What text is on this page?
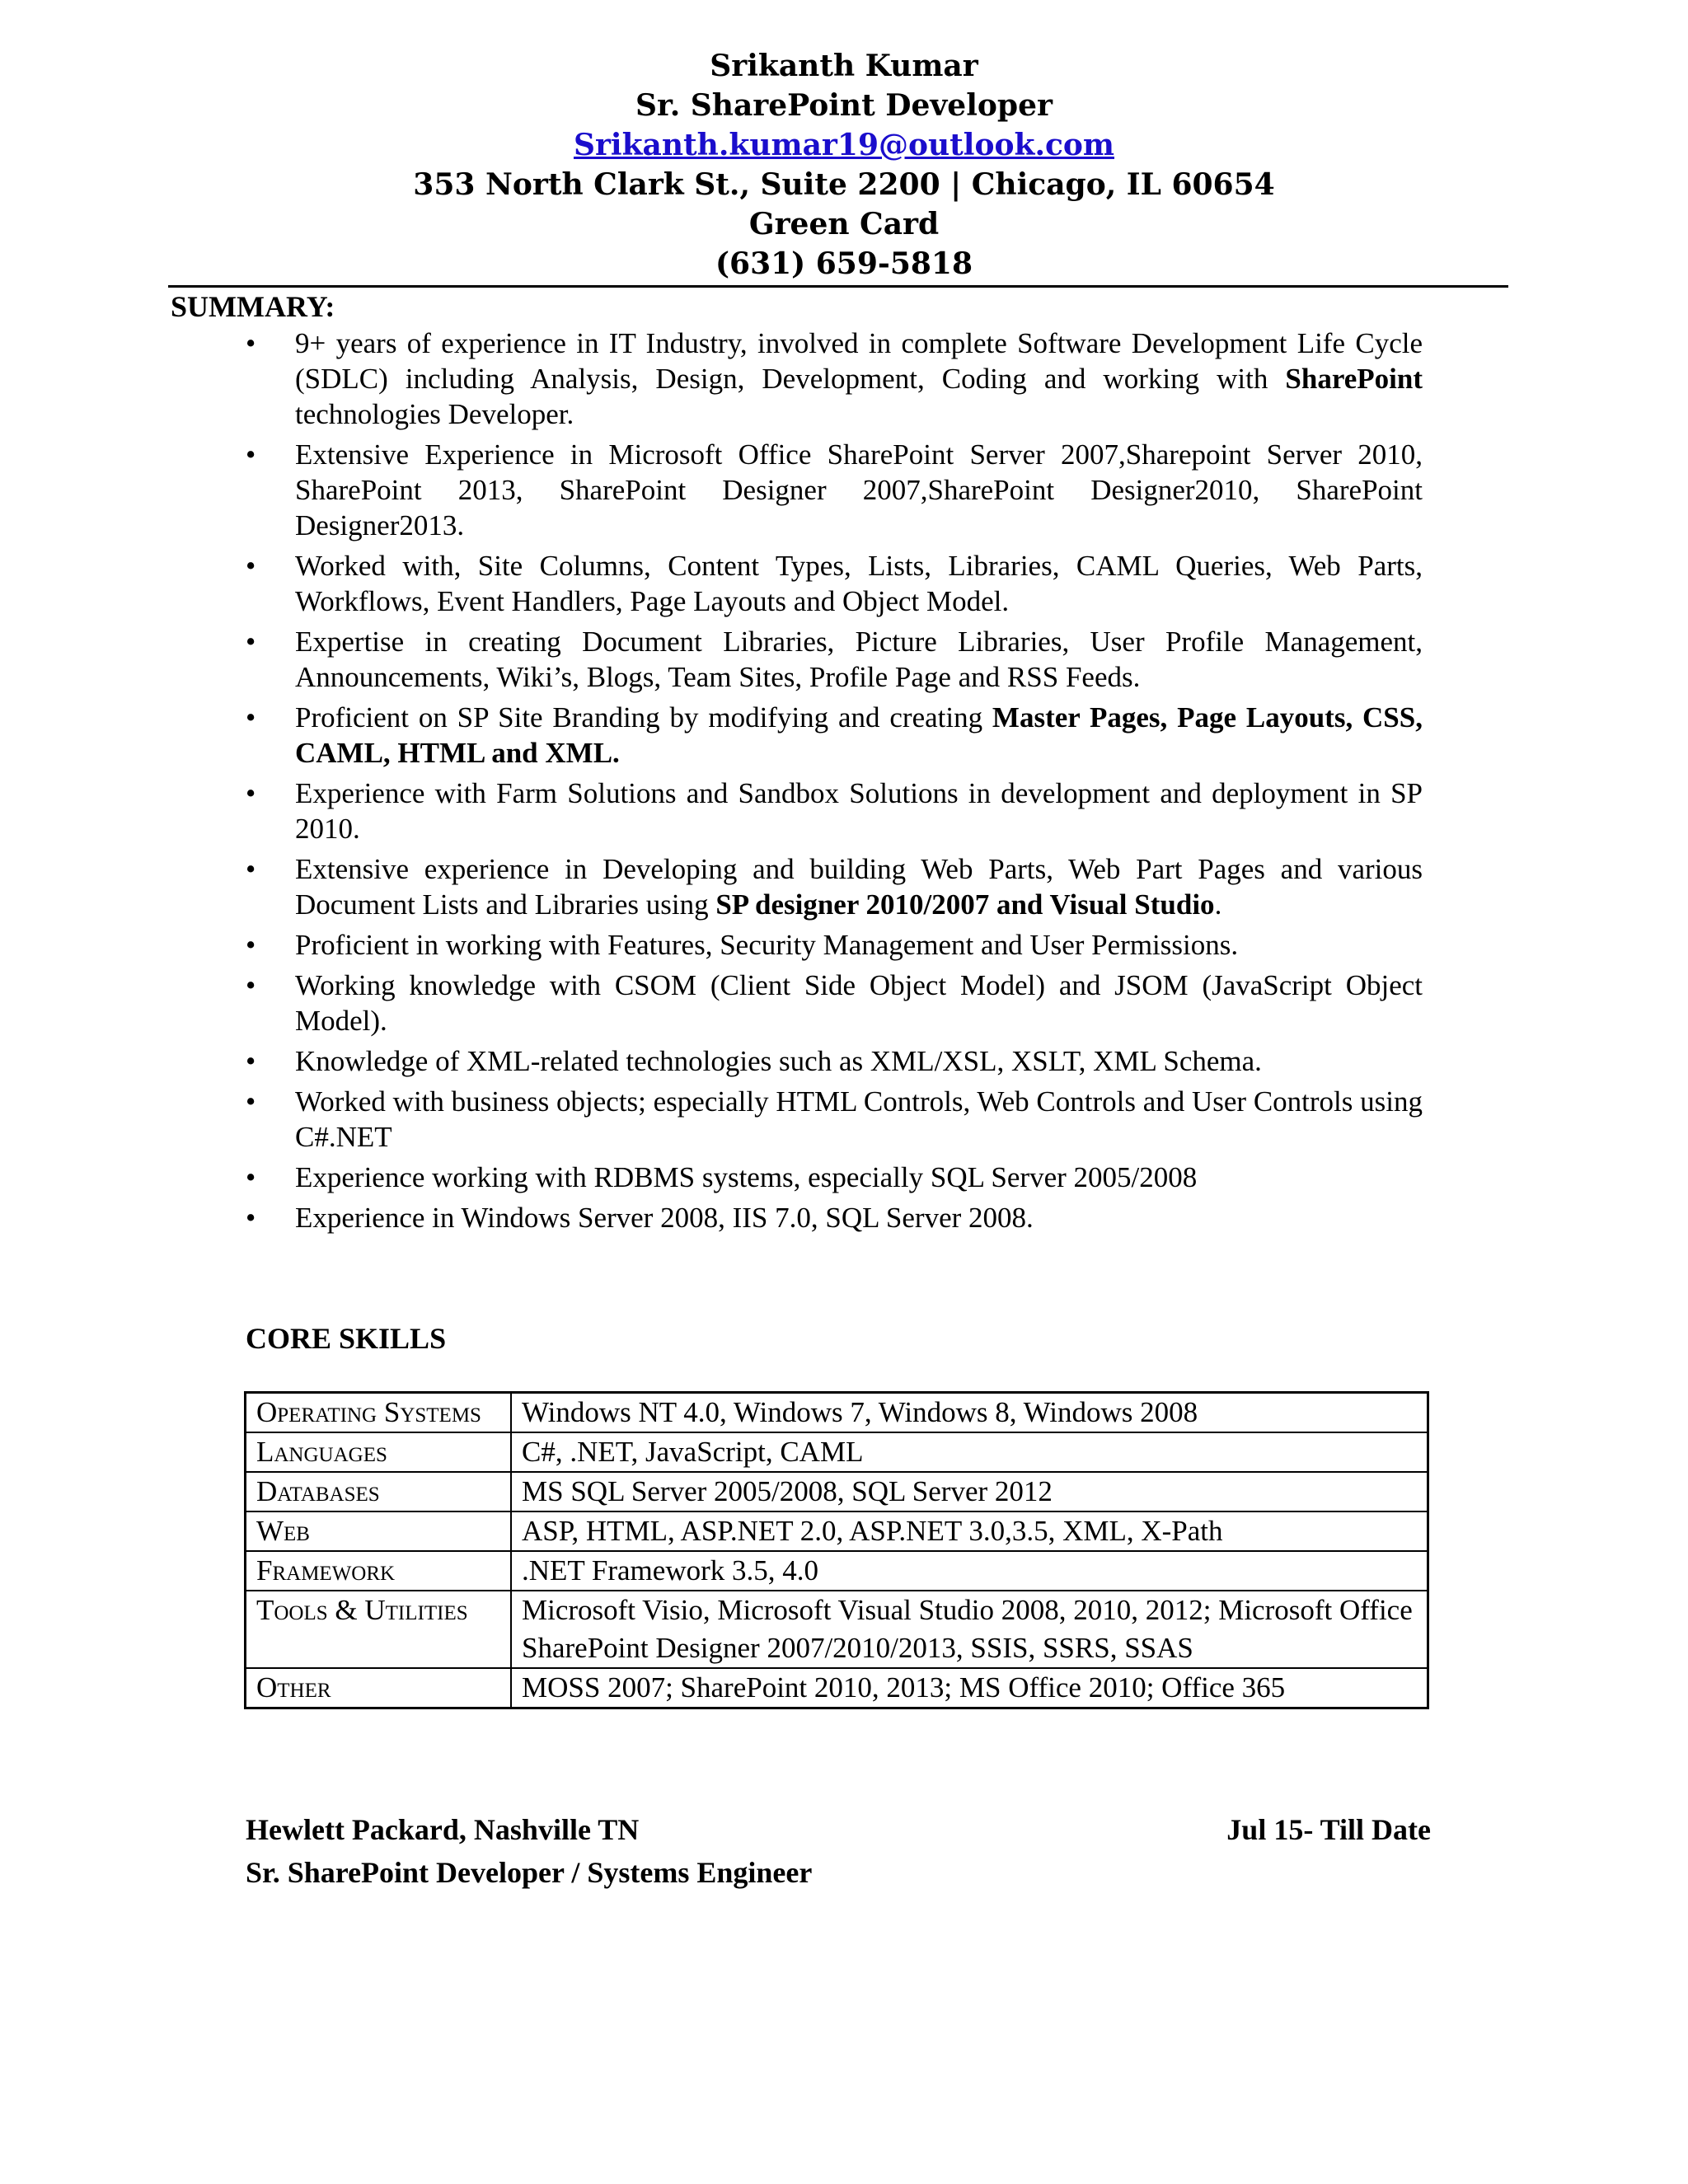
Srikanth Kumar
Sr. SharePoint Developer
Srikanth.kumar19@outlook.com
353 North Clark St., Suite 2200 | Chicago, IL 60654
Green Card
(631) 659-5818
SUMMARY:
• 9+ years of experience in IT Industry, involved in complete Software Development Life Cycle (SDLC) including Analysis, Design, Development, Coding and working with SharePoint technologies Developer.
• Extensive Experience in Microsoft Office SharePoint Server 2007,Sharepoint Server 2010, SharePoint 2013, SharePoint Designer 2007,SharePoint Designer2010, SharePoint Designer2013.
• Worked with, Site Columns, Content Types, Lists, Libraries, CAML Queries, Web Parts, Workflows, Event Handlers, Page Layouts and Object Model.
• Expertise in creating Document Libraries, Picture Libraries, User Profile Management, Announcements, Wiki’s, Blogs, Team Sites, Profile Page and RSS Feeds.
• Proficient on SP Site Branding by modifying and creating Master Pages, Page Layouts, CSS, CAML, HTML and XML.
• Experience with Farm Solutions and Sandbox Solutions in development and deployment in SP 2010.
• Extensive experience in Developing and building Web Parts, Web Part Pages and various Document Lists and Libraries using SP designer 2010/2007 and Visual Studio.
• Proficient in working with Features, Security Management and User Permissions.
• Working knowledge with CSOM (Client Side Object Model) and JSOM (JavaScript Object Model).
• Knowledge of XML-related technologies such as XML/XSL, XSLT, XML Schema.
• Worked with business objects; especially HTML Controls, Web Controls and User Controls using C#.NET
• Experience working with RDBMS systems, especially SQL Server 2005/2008
• Experience in Windows Server 2008, IIS 7.0, SQL Server 2008.
CORE SKILLS
Operating Systems	Windows NT 4.0, Windows 7, Windows 8, Windows 2008
Languages	C#, .NET, JavaScript, CAML
Databases	MS SQL Server 2005/2008, SQL Server 2012
Web	ASP, HTML, ASP.NET 2.0, ASP.NET 3.0,3.5, XML, X-Path
Framework	.NET Framework 3.5, 4.0
Tools & Utilities	Microsoft Visio, Microsoft Visual Studio 2008, 2010, 2012; Microsoft Office SharePoint Designer 2007/2010/2013, SSIS, SSRS, SSAS
Other	MOSS 2007; SharePoint 2010, 2013; MS Office 2010; Office 365
Hewlett Packard, Nashville TN	Jul 15- Till Date
Sr. SharePoint Developer / Systems Engineer
